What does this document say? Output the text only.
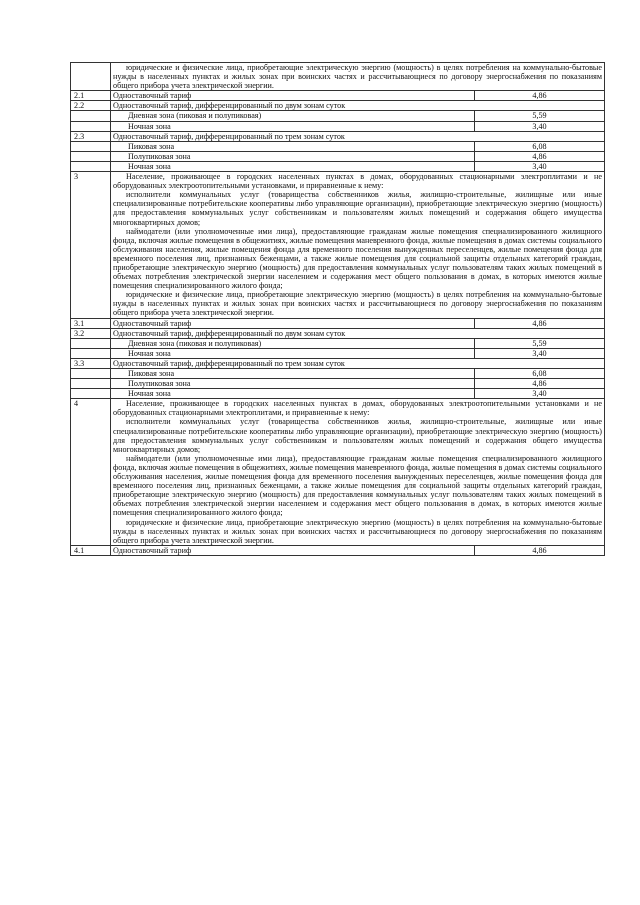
	юридические и физические лица, приобретающие электрическую энергию (мощность) в целях потребления на коммунально-бытовые нужды в населенных пунктах и жилых зонах при воинских частях и рассчитывающиеся по договору энергоснабжения по показаниям общего прибора учета электрической энергии.	

2.1	Одноставочный тариф	4,86
2.2	Одноставочный тариф, дифференцированный по двум зонам суток	
	Дневная зона (пиковая и полупиковая)	5,59
	Ночная зона	3,40
2.3	Одноставочный тариф, дифференцированный по трем зонам суток	
	Пиковая зона	6,08
	Полупиковая зона	4,86
	Ночная зона	3,40
3	Население, проживающее в городских населенных пунктах в домах, оборудованных стационарными электроплитами и не оборудованных электроотопительными установками, и приравненные к нему:

исполнители коммунальных услуг (товарищества собственников жилья, жилищно-строительные, жилищные или иные специализированные потребительские кооперативы либо управляющие организации), приобретающие электрическую энергию (мощность) для предоставления коммунальных услуг собственникам и пользователям жилых помещений и содержания общего имущества многоквартирных домов;

наймодатели (или уполномоченные ими лица), предоставляющие гражданам жилые помещения специализированного жилищного фонда, включая жилые помещения в общежитиях, жилые помещения маневренного фонда, жилые помещения в домах системы социального обслуживания населения, жилые помещения фонда для временного поселения вынужденных переселенцев, жилые помещения фонда для временного поселения лиц, признанных беженцами, а также жилые помещения для социальной защиты отдельных категорий граждан, приобретающие электрическую энергию (мощность) для предоставления коммунальных услуг пользователям таких жилых помещений в объемах потребления электрической энергии населением и содержания мест общего пользования в домах, в которых имеются жилые помещения специализированного жилого фонда;

юридические и физические лица, приобретающие электрическую энергию (мощность) в целях потребления на коммунально-бытовые нужды в населенных пунктах и жилых зонах при воинских частях и рассчитывающиеся по договору энергоснабжения по показаниям общего прибора учета электрической энергии.	

3.1	Одноставочный тариф	4,86
3.2	Одноставочный тариф, дифференцированный по двум зонам суток	
	Дневная зона (пиковая и полупиковая)	5,59
	Ночная зона	3,40
3.3	Одноставочный тариф, дифференцированный по трем зонам суток	
	Пиковая зона	6,08
	Полупиковая зона	4,86
	Ночная зона	3,40
4	Население, проживающее в городских населенных пунктах в домах, оборудованных электроотопительными установками и не оборудованных стационарными электроплитами, и приравненные к нему:

исполнители коммунальных услуг (товарищества собственников жилья, жилищно-строительные, жилищные или иные специализированные потребительские кооперативы либо управляющие организации), приобретающие электрическую энергию (мощность) для предоставления коммунальных услуг собственникам и пользователям жилых помещений и содержания общего имущества многоквартирных домов;

наймодатели (или уполномоченные ими лица), предоставляющие гражданам жилые помещения специализированного жилищного фонда, включая жилые помещения в общежитиях, жилые помещения маневренного фонда, жилые помещения в домах системы социального обслуживания населения, жилые помещения фонда для временного поселения вынужденных переселенцев, жилые помещения фонда для временного поселения лиц, признанных беженцами, а также жилые помещения для социальной защиты отдельных категорий граждан, приобретающие электрическую энергию (мощность) для предоставления коммунальных услуг пользователям таких жилых помещений в объемах потребления электрической энергии населением и содержания мест общего пользования в домах, в которых имеются жилые помещения специализированного жилого фонда;

юридические и физические лица, приобретающие электрическую энергию (мощность) в целях потребления на коммунально-бытовые нужды в населенных пунктах и жилых зонах при воинских частях и рассчитывающиеся по договору энергоснабжения по показаниям общего прибора учета электрической энергии.	

4.1	Одноставочный тариф	4,86
